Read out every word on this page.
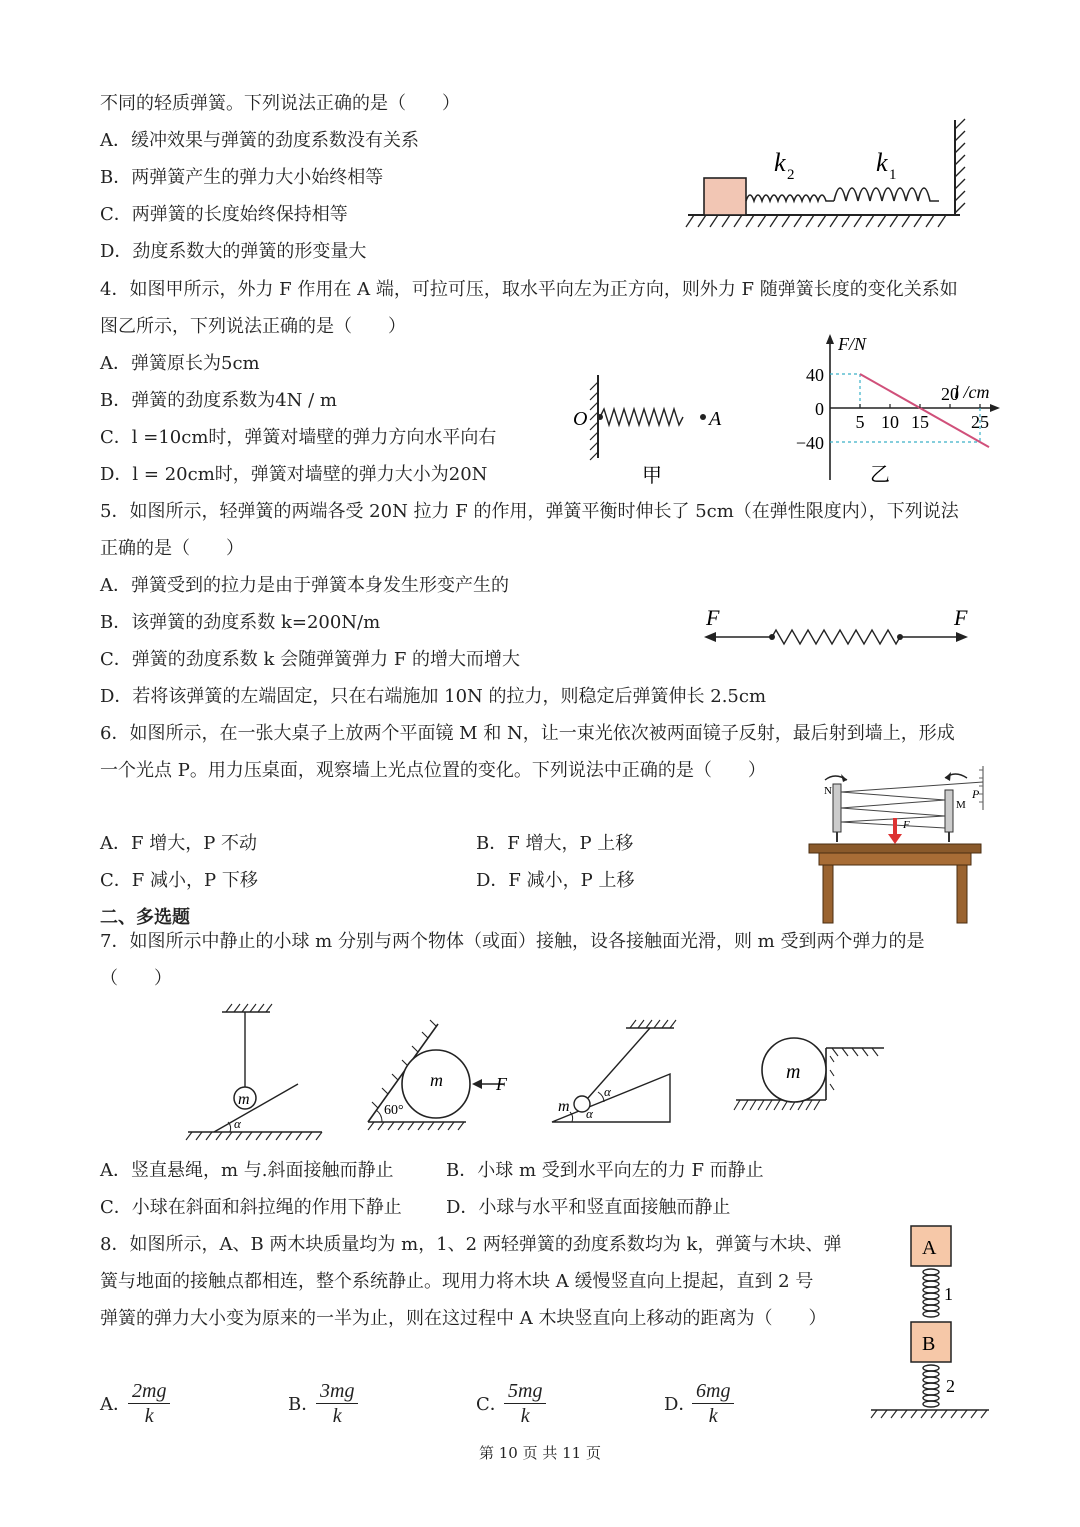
不同的轻质弹簧。下列说法正确的是（　　）
A．缓冲效果与弹簧的劲度系数没有关系
B．两弹簧产生的弹力大小始终相等
C．两弹簧的长度始终保持相等
D．劲度系数大的弹簧的形变量大
k 2	k 1
4．如图甲所示，外力 F 作用在 A 端，可拉可压，取水平向左为正方向，则外力 F 随弹簧长度的变化关系如
图乙所示，下列说法正确的是（　　）
A．弹簧原长为5cm
B．弹簧的劲度系数为4N / m
C．l =10cm时，弹簧对墙壁的弹力方向水平向右
D．l = 20cm时，弹簧对墙壁的弹力大小为20N
O	A
甲
40
0
−40
5 10 15
20
25
F/N
l /cm
乙
5．如图所示，轻弹簧的两端各受 20N 拉力 F 的作用，弹簧平衡时伸长了 5cm（在弹性限度内），下列说法
正确的是（　　）
A．弹簧受到的拉力是由于弹簧本身发生形变产生的
B．该弹簧的劲度系数 k=200N/m
C．弹簧的劲度系数 k 会随弹簧弹力 F 的增大而增大
D．若将该弹簧的左端固定，只在右端施加 10N 的拉力，则稳定后弹簧伸长 2.5cm
F	F
6．如图所示，在一张大桌子上放两个平面镜 M 和 N，让一束光依次被两面镜子反射，最后射到墙上，形成
一个光点 P。用力压桌面，观察墙上光点位置的变化。下列说法中正确的是（　　）
A．F 增大，P 不动	B．F 增大，P 上移
C．F 减小，P 下移	D．F 减小，P 上移
N
M
P
F
二、多选题
7．如图所示中静止的小球 m 分别与两个物体（或面）接触，设各接触面光滑，则 m 受到两个弹力的是
（　　）
m
α
m
60°
F
m
α
α
m
A．竖直悬绳，m 与.斜面接触而静止	B．小球 m 受到水平向左的力 F 而静止
C．小球在斜面和斜拉绳的作用下静止 D．小球与水平和竖直面接触而静止
8．如图所示，A、B 两木块质量均为 m，1、2 两轻弹簧的劲度系数均为 k，弹簧与木块、弹
簧与地面的接触点都相连，整个系统静止。现用力将木块 A 缓慢竖直向上提起，直到 2 号
弹簧的弹力大小变为原来的一半为止，则在这过程中 A 木块竖直向上移动的距离为（　　）
A．
$\frac{2mg}{k}$	B．
$\frac{3mg}{k}$	C．
$\frac{5mg}{k}$	D．
$\frac{6mg}{k}$
A
B
1
2
第 10 页 共 11 页
